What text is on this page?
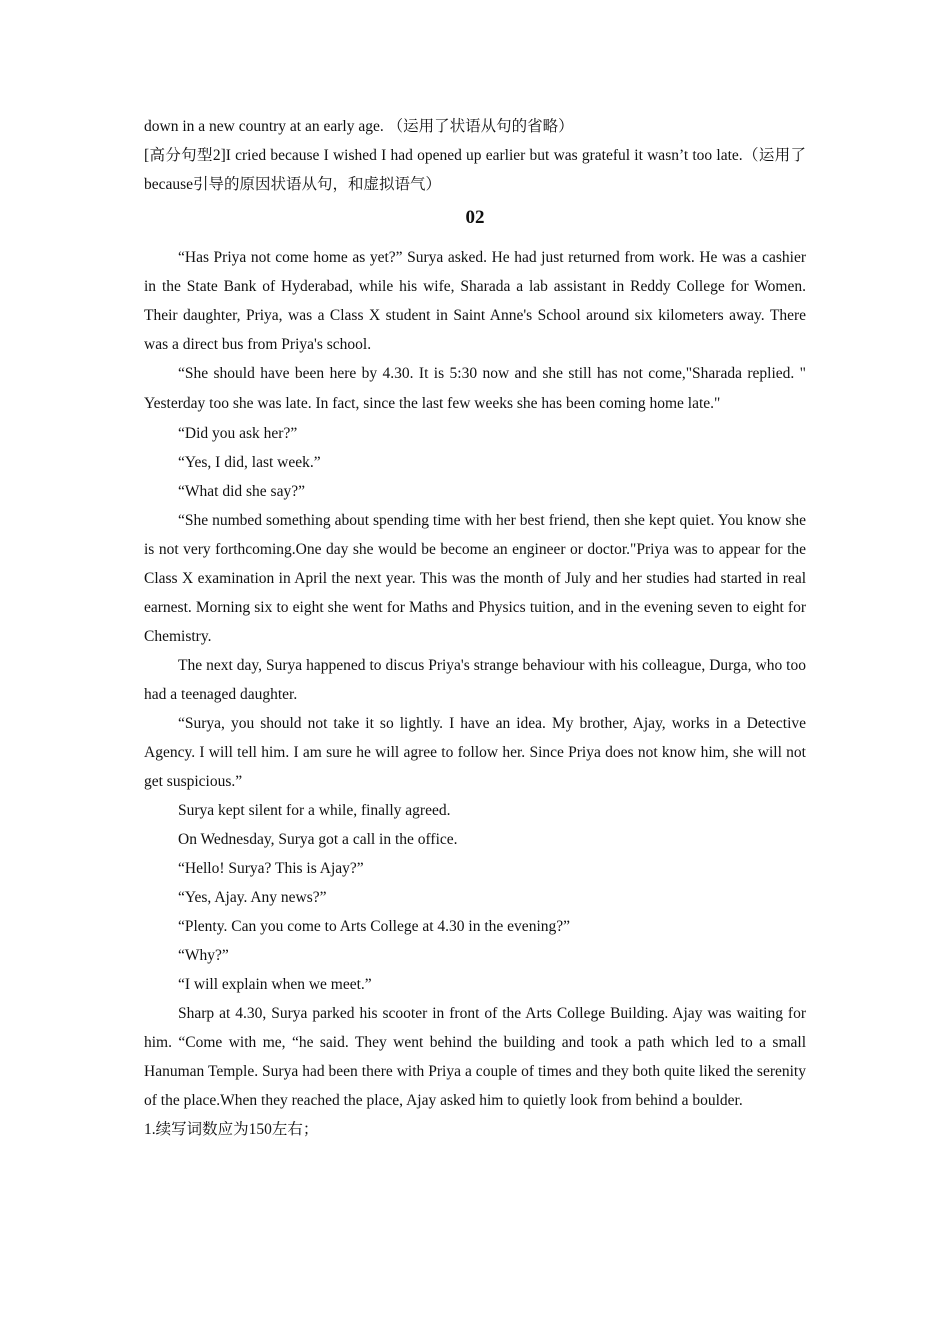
down in a new country at an early age. （运用了状语从句的省略）

[高分句型2]I cried because I wished I had opened up earlier but was grateful it wasn’t too late.（运用了because引导的原因状语从句，和虚拟语气）

02

“Has Priya not come home as yet?” Surya asked. He had just returned from work. He was a cashier in the State Bank of Hyderabad, while his wife, Sharada a lab assistant in Reddy College for Women. Their daughter, Priya, was a Class X student in Saint Anne's School around six kilometers away. There was a direct bus from Priya's school.

“She should have been here by 4.30. It is 5:30 now and she still has not come,"Sharada replied. " Yesterday too she was late. In fact, since the last few weeks she has been coming home late."

“Did you ask her?”

“Yes, I did, last week.”

“What did she say?”

“She numbed something about spending time with her best friend, then she kept quiet. You know she is not very forthcoming.One day she would be become an engineer or doctor."Priya was to appear for the Class X examination in April the next year. This was the month of July and her studies had started in real earnest. Morning six to eight she went for Maths and Physics tuition, and in the evening seven to eight for Chemistry.

The next day, Surya happened to discus Priya's strange behaviour with his colleague, Durga, who too had a teenaged daughter.

“Surya, you should not take it so lightly. I have an idea. My brother, Ajay, works in a Detective Agency. I will tell him. I am sure he will agree to follow her. Since Priya does not know him, she will not get suspicious.”

Surya kept silent for a while, finally agreed.

On Wednesday, Surya got a call in the office.

“Hello! Surya? This is Ajay?”

“Yes, Ajay. Any news?”

“Plenty. Can you come to Arts College at 4.30 in the evening?”

“Why?”

“I will explain when we meet.”

Sharp at 4.30, Surya parked his scooter in front of the Arts College Building. Ajay was waiting for him. “Come with me, “he said. They went behind the building and took a path which led to a small Hanuman Temple. Surya had been there with Priya a couple of times and they both quite liked the serenity of the place.When they reached the place, Ajay asked him to quietly look from behind a boulder.

1.续写词数应为150左右；
